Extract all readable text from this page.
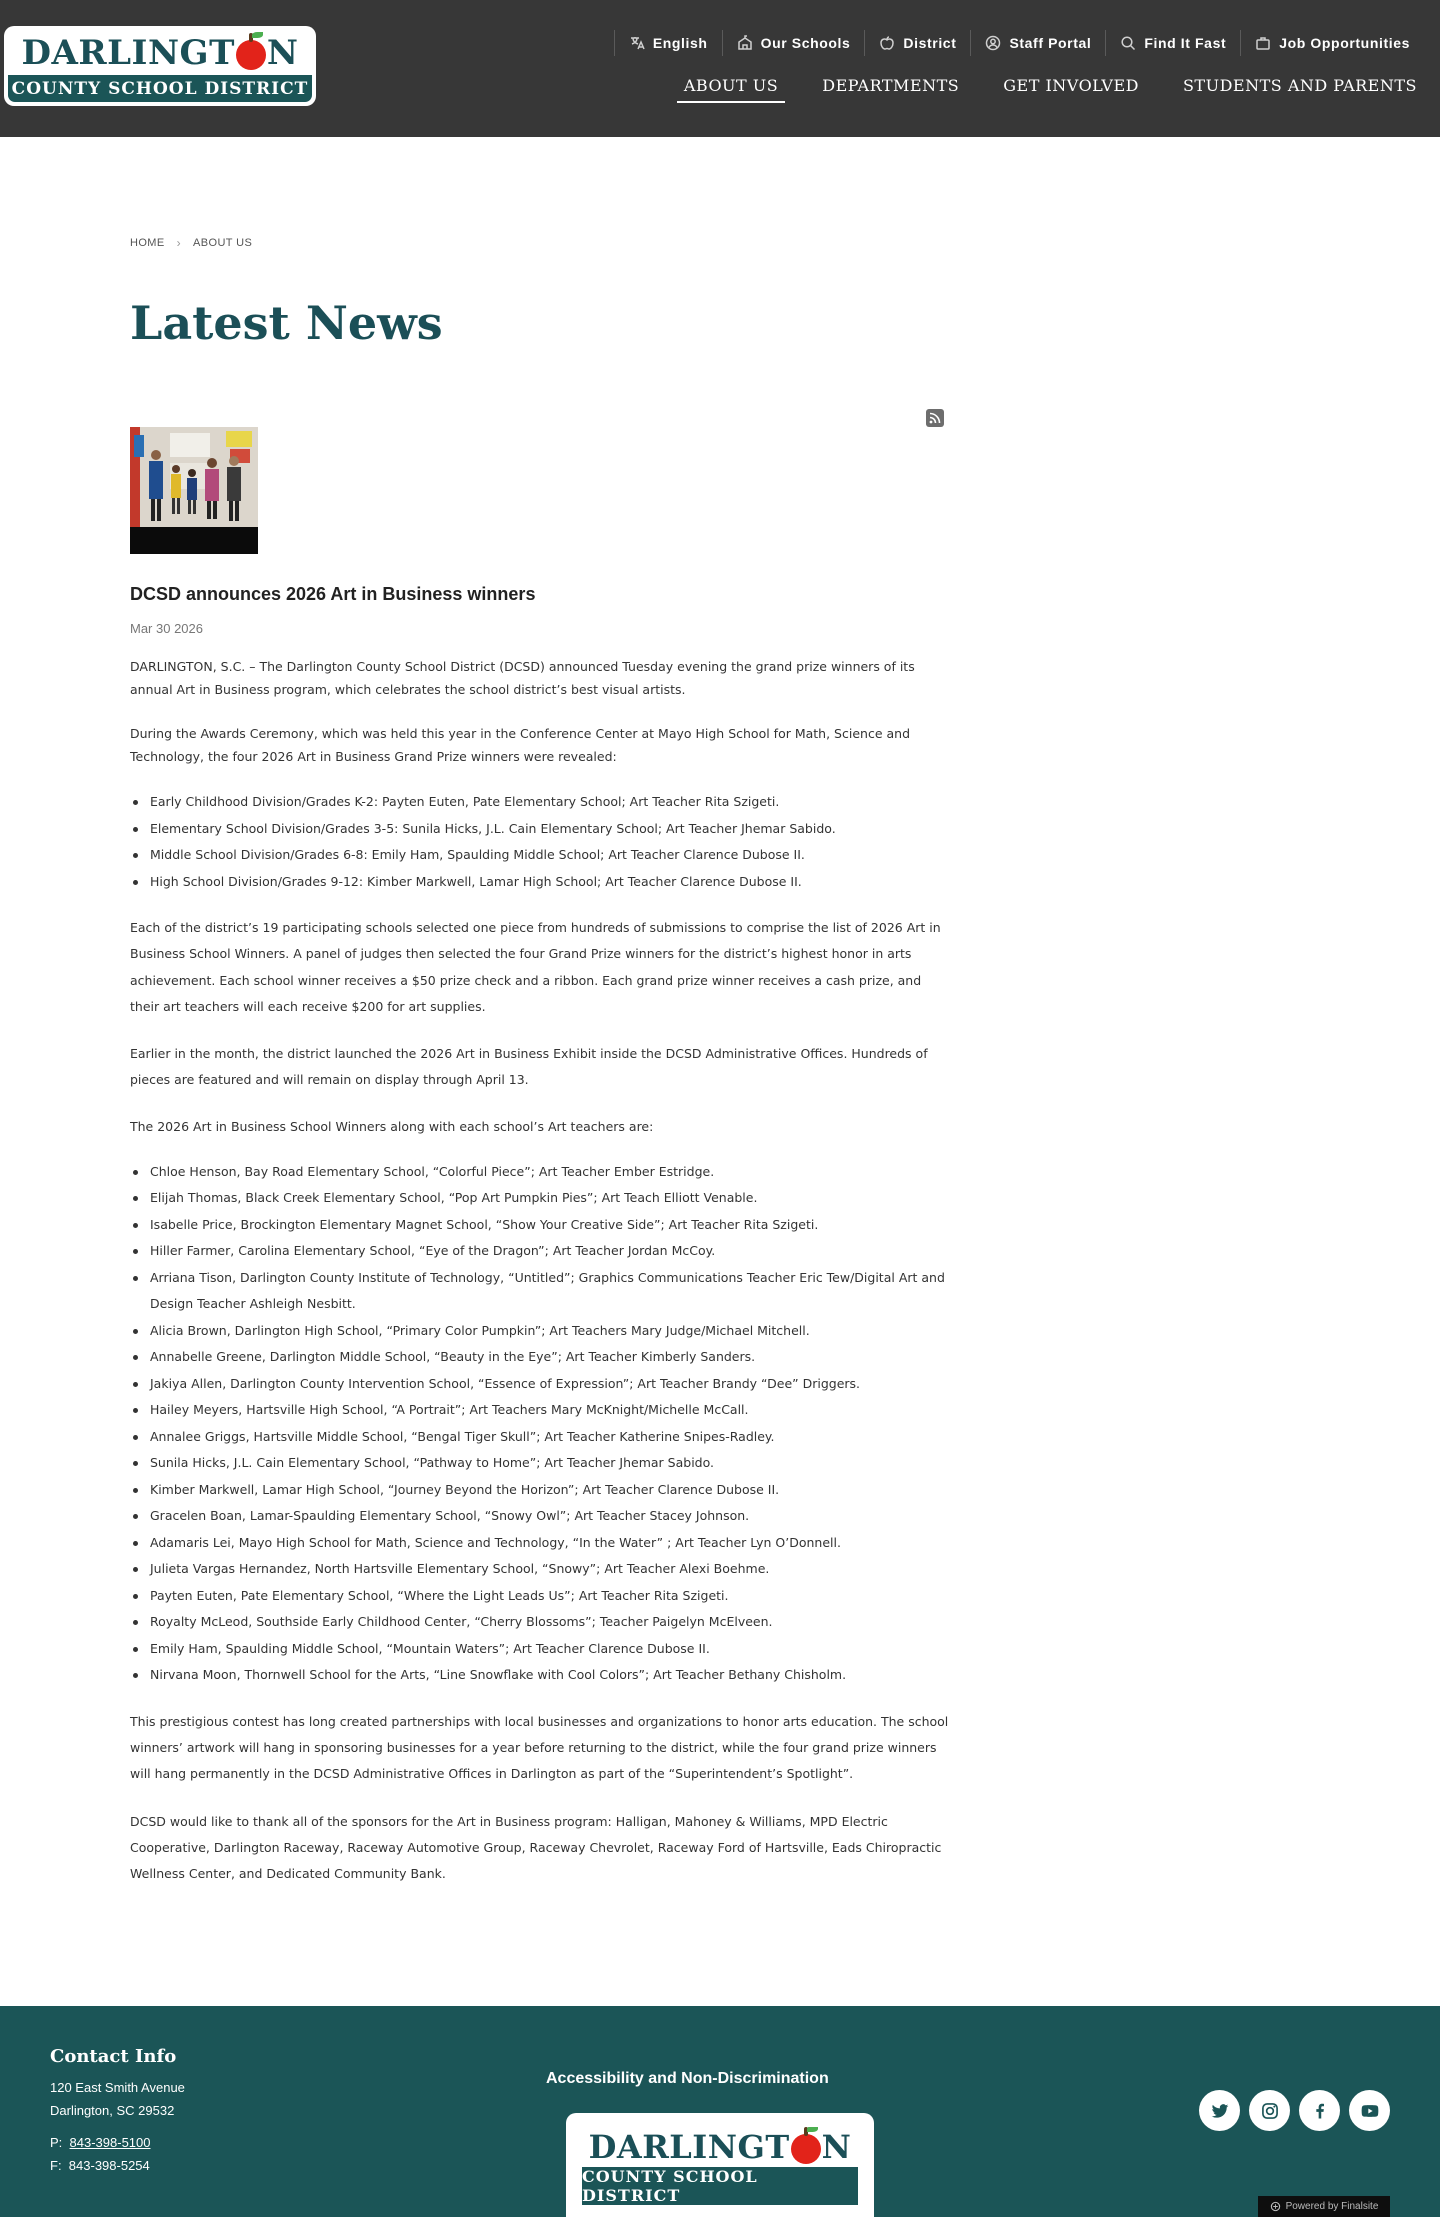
DARLINGT N
COUNTY SCHOOL DISTRICT
English	Our Schools	District	Staff Portal	Find It Fast	Job Opportunities
ABOUT US	DEPARTMENTS	GET INVOLVED	STUDENTS AND PARENTS
HOME › ABOUT US
Latest News
DCSD announces 2026 Art in Business winners
Mar 30 2026

DARLINGTON, S.C. – The Darlington County School District (DCSD) announced Tuesday evening the grand prize winners of its annual Art in Business program, which celebrates the school district’s best visual artists.

During the Awards Ceremony, which was held this year in the Conference Center at Mayo High School for Math, Science and Technology, the four 2026 Art in Business Grand Prize winners were revealed:

Early Childhood Division/Grades K-2: Payten Euten, Pate Elementary School; Art Teacher Rita Szigeti.
Elementary School Division/Grades 3-5: Sunila Hicks, J.L. Cain Elementary School; Art Teacher Jhemar Sabido.
Middle School Division/Grades 6-8: Emily Ham, Spaulding Middle School; Art Teacher Clarence Dubose II.
High School Division/Grades 9-12: Kimber Markwell, Lamar High School; Art Teacher Clarence Dubose II.

Each of the district’s 19 participating schools selected one piece from hundreds of submissions to comprise the list of 2026 Art in Business School Winners. A panel of judges then selected the four Grand Prize winners for the district’s highest honor in arts achievement. Each school winner receives a $50 prize check and a ribbon. Each grand prize winner receives a cash prize, and their art teachers will each receive $200 for art supplies.

Earlier in the month, the district launched the 2026 Art in Business Exhibit inside the DCSD Administrative Offices. Hundreds of pieces are featured and will remain on display through April 13.

The 2026 Art in Business School Winners along with each school’s Art teachers are:

Chloe Henson, Bay Road Elementary School, “Colorful Piece”; Art Teacher Ember Estridge.
Elijah Thomas, Black Creek Elementary School, “Pop Art Pumpkin Pies”; Art Teach Elliott Venable.
Isabelle Price, Brockington Elementary Magnet School, “Show Your Creative Side”; Art Teacher Rita Szigeti.
Hiller Farmer, Carolina Elementary School, “Eye of the Dragon”; Art Teacher Jordan McCoy.
Arriana Tison, Darlington County Institute of Technology, “Untitled”; Graphics Communications Teacher Eric Tew/Digital Art and Design Teacher Ashleigh Nesbitt.
Alicia Brown, Darlington High School, “Primary Color Pumpkin”; Art Teachers Mary Judge/Michael Mitchell.
Annabelle Greene, Darlington Middle School, “Beauty in the Eye”; Art Teacher Kimberly Sanders.
Jakiya Allen, Darlington County Intervention School, “Essence of Expression”; Art Teacher Brandy “Dee” Driggers.
Hailey Meyers, Hartsville High School, “A Portrait”; Art Teachers Mary McKnight/Michelle McCall.
Annalee Griggs, Hartsville Middle School, “Bengal Tiger Skull”; Art Teacher Katherine Snipes-Radley.
Sunila Hicks, J.L. Cain Elementary School, “Pathway to Home”; Art Teacher Jhemar Sabido.
Kimber Markwell, Lamar High School, “Journey Beyond the Horizon”; Art Teacher Clarence Dubose II.
Gracelen Boan, Lamar-Spaulding Elementary School, “Snowy Owl”; Art Teacher Stacey Johnson.
Adamaris Lei, Mayo High School for Math, Science and Technology, “In the Water” ; Art Teacher Lyn O’Donnell.
Julieta Vargas Hernandez, North Hartsville Elementary School, “Snowy”; Art Teacher Alexi Boehme.
Payten Euten, Pate Elementary School, “Where the Light Leads Us”; Art Teacher Rita Szigeti.
Royalty McLeod, Southside Early Childhood Center, “Cherry Blossoms”; Teacher Paigelyn McElveen.
Emily Ham, Spaulding Middle School, “Mountain Waters”; Art Teacher Clarence Dubose II.
Nirvana Moon, Thornwell School for the Arts, “Line Snowflake with Cool Colors”; Art Teacher Bethany Chisholm.

This prestigious contest has long created partnerships with local businesses and organizations to honor arts education. The school winners’ artwork will hang in sponsoring businesses for a year before returning to the district, while the four grand prize winners will hang permanently in the DCSD Administrative Offices in Darlington as part of the “Superintendent’s Spotlight”.

DCSD would like to thank all of the sponsors for the Art in Business program: Halligan, Mahoney & Williams, MPD Electric Cooperative, Darlington Raceway, Raceway Automotive Group, Raceway Chevrolet, Raceway Ford of Hartsville, Eads Chiropractic Wellness Center, and Dedicated Community Bank.

Contact Info
120 East Smith Avenue
Darlington, SC 29532
P: 843-398-5100
F: 843-398-5254
Accessibility and Non-Discrimination
DARLINGT N
COUNTY SCHOOL DISTRICT
Powered by Finalsite
